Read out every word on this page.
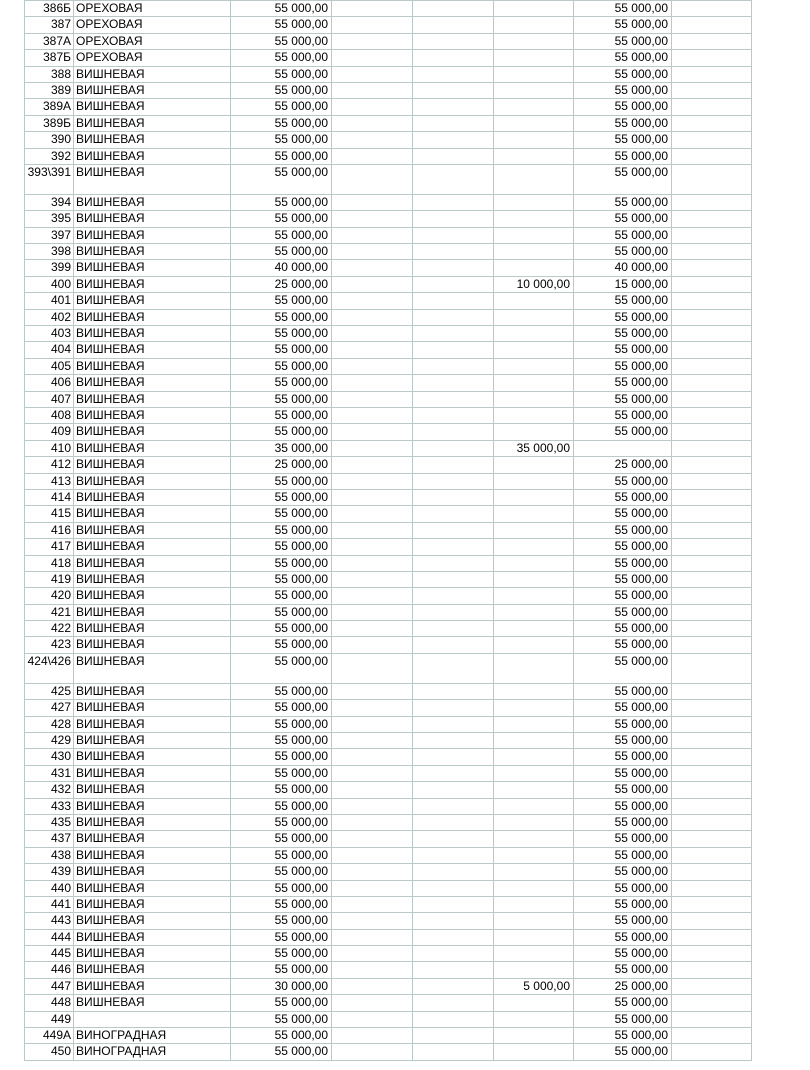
386Б	ОРЕХОВАЯ	55 000,00				55 000,00	
387	ОРЕХОВАЯ	55 000,00				55 000,00	
387А	ОРЕХОВАЯ	55 000,00				55 000,00	
387Б	ОРЕХОВАЯ	55 000,00				55 000,00	
388	ВИШНЕВАЯ	55 000,00				55 000,00	
389	ВИШНЕВАЯ	55 000,00				55 000,00	
389А	ВИШНЕВАЯ	55 000,00				55 000,00	
389Б	ВИШНЕВАЯ	55 000,00				55 000,00	
390	ВИШНЕВАЯ	55 000,00				55 000,00	
392	ВИШНЕВАЯ	55 000,00				55 000,00	
393\391	ВИШНЕВАЯ	55 000,00				55 000,00	
394	ВИШНЕВАЯ	55 000,00				55 000,00	
395	ВИШНЕВАЯ	55 000,00				55 000,00	
397	ВИШНЕВАЯ	55 000,00				55 000,00	
398	ВИШНЕВАЯ	55 000,00				55 000,00	
399	ВИШНЕВАЯ	40 000,00				40 000,00	
400	ВИШНЕВАЯ	25 000,00			10 000,00	15 000,00	
401	ВИШНЕВАЯ	55 000,00				55 000,00	
402	ВИШНЕВАЯ	55 000,00				55 000,00	
403	ВИШНЕВАЯ	55 000,00				55 000,00	
404	ВИШНЕВАЯ	55 000,00				55 000,00	
405	ВИШНЕВАЯ	55 000,00				55 000,00	
406	ВИШНЕВАЯ	55 000,00				55 000,00	
407	ВИШНЕВАЯ	55 000,00				55 000,00	
408	ВИШНЕВАЯ	55 000,00				55 000,00	
409	ВИШНЕВАЯ	55 000,00				55 000,00	
410	ВИШНЕВАЯ	35 000,00			35 000,00		
412	ВИШНЕВАЯ	25 000,00				25 000,00	
413	ВИШНЕВАЯ	55 000,00				55 000,00	
414	ВИШНЕВАЯ	55 000,00				55 000,00	
415	ВИШНЕВАЯ	55 000,00				55 000,00	
416	ВИШНЕВАЯ	55 000,00				55 000,00	
417	ВИШНЕВАЯ	55 000,00				55 000,00	
418	ВИШНЕВАЯ	55 000,00				55 000,00	
419	ВИШНЕВАЯ	55 000,00				55 000,00	
420	ВИШНЕВАЯ	55 000,00				55 000,00	
421	ВИШНЕВАЯ	55 000,00				55 000,00	
422	ВИШНЕВАЯ	55 000,00				55 000,00	
423	ВИШНЕВАЯ	55 000,00				55 000,00	
424\426	ВИШНЕВАЯ	55 000,00				55 000,00	
425	ВИШНЕВАЯ	55 000,00				55 000,00	
427	ВИШНЕВАЯ	55 000,00				55 000,00	
428	ВИШНЕВАЯ	55 000,00				55 000,00	
429	ВИШНЕВАЯ	55 000,00				55 000,00	
430	ВИШНЕВАЯ	55 000,00				55 000,00	
431	ВИШНЕВАЯ	55 000,00				55 000,00	
432	ВИШНЕВАЯ	55 000,00				55 000,00	
433	ВИШНЕВАЯ	55 000,00				55 000,00	
435	ВИШНЕВАЯ	55 000,00				55 000,00	
437	ВИШНЕВАЯ	55 000,00				55 000,00	
438	ВИШНЕВАЯ	55 000,00				55 000,00	
439	ВИШНЕВАЯ	55 000,00				55 000,00	
440	ВИШНЕВАЯ	55 000,00				55 000,00	
441	ВИШНЕВАЯ	55 000,00				55 000,00	
443	ВИШНЕВАЯ	55 000,00				55 000,00	
444	ВИШНЕВАЯ	55 000,00				55 000,00	
445	ВИШНЕВАЯ	55 000,00				55 000,00	
446	ВИШНЕВАЯ	55 000,00				55 000,00	
447	ВИШНЕВАЯ	30 000,00			5 000,00	25 000,00	
448	ВИШНЕВАЯ	55 000,00				55 000,00	
449		55 000,00				55 000,00	
449А	ВИНОГРАДНАЯ	55 000,00				55 000,00	
450	ВИНОГРАДНАЯ	55 000,00				55 000,00	
